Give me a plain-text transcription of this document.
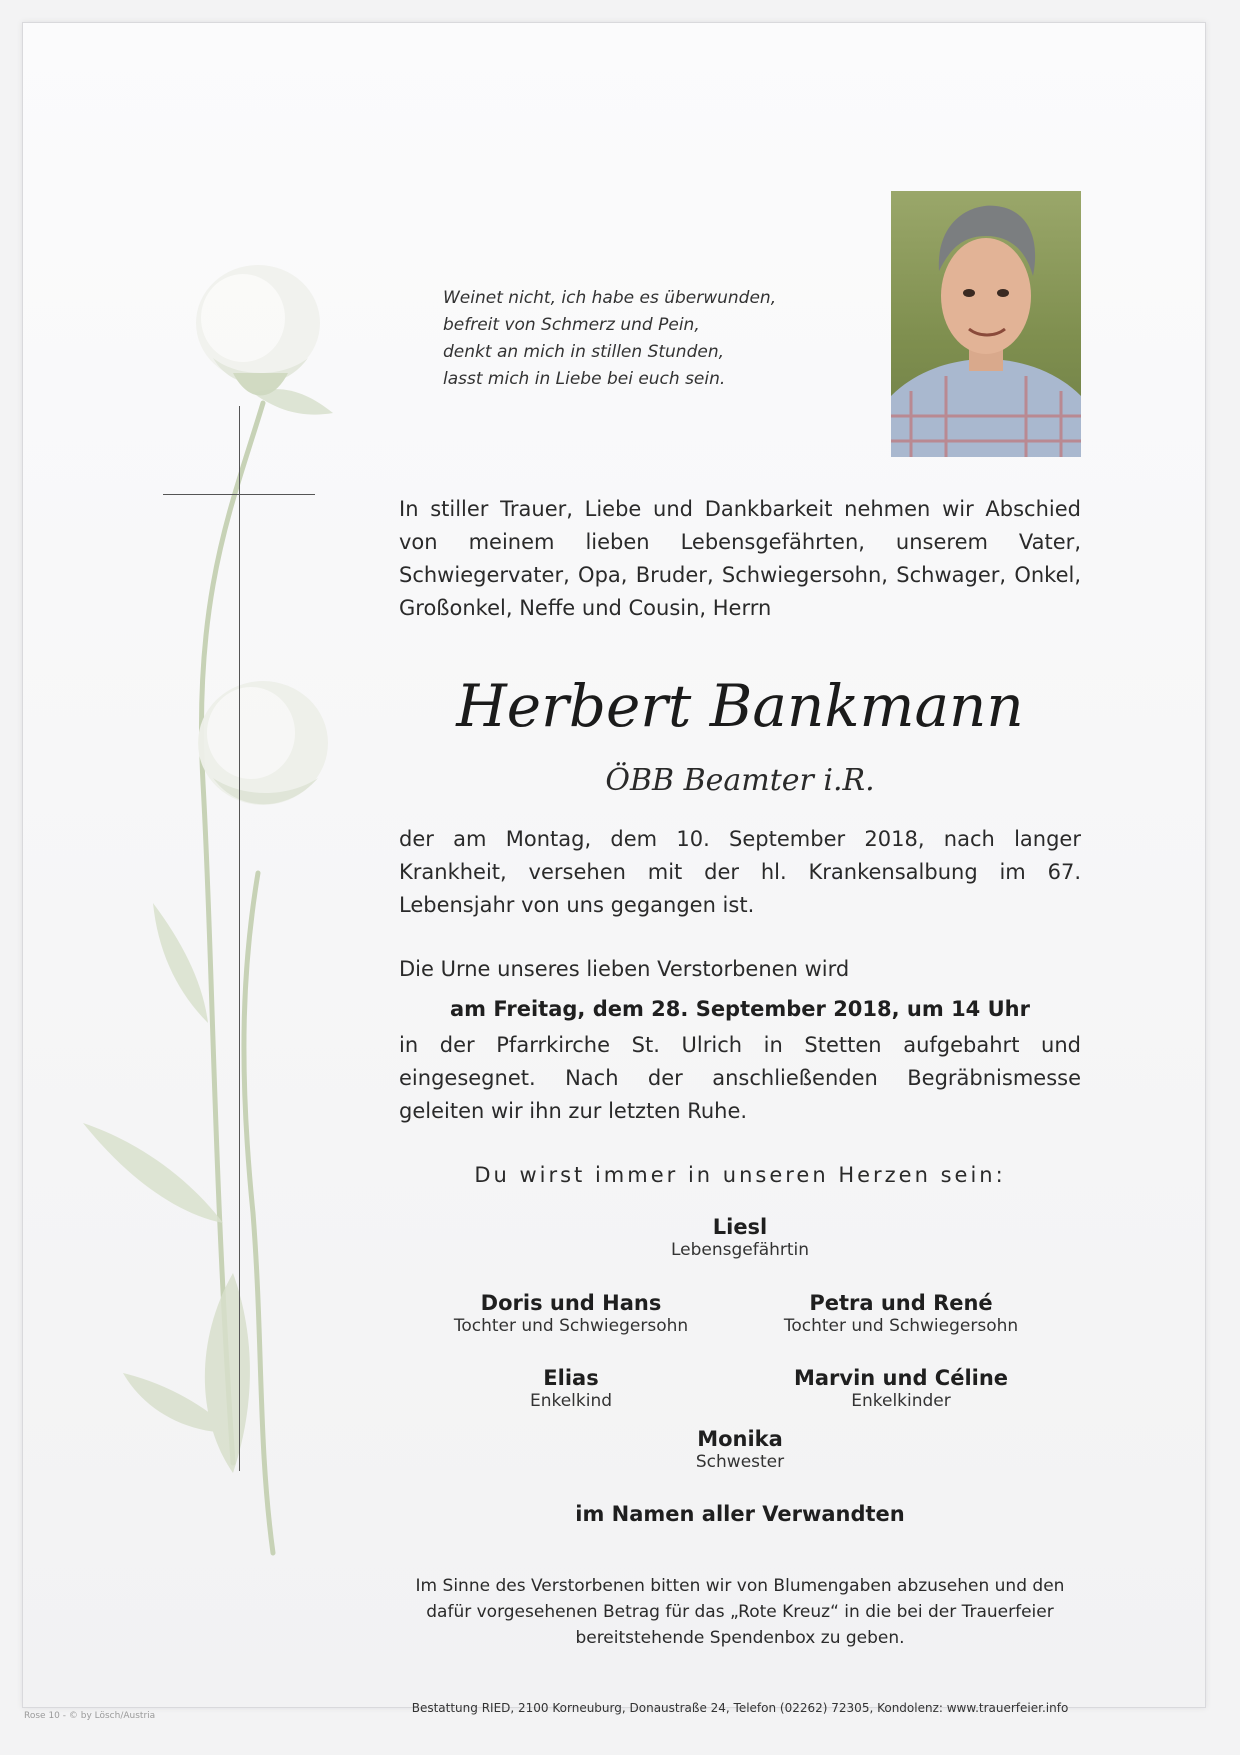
Weinet nicht, ich habe es überwunden,
befreit von Schmerz und Pein,
denkt an mich in stillen Stunden,
lasst mich in Liebe bei euch sein.
In stiller Trauer, Liebe und Dankbarkeit nehmen wir Abschied von meinem lieben Lebensgefährten, unserem Vater, Schwiegervater, Opa, Bruder, Schwiegersohn, Schwager, Onkel, Großonkel, Neffe und Cousin, Herrn
Herbert Bankmann
ÖBB Beamter i.R.
der am Montag, dem 10. September 2018, nach langer Krankheit, versehen mit der hl. Krankensalbung im 67. Lebensjahr von uns gegangen ist.
Die Urne unseres lieben Verstorbenen wird
am Freitag, dem 28. September 2018, um 14 Uhr
in der Pfarrkirche St. Ulrich in Stetten aufgebahrt und eingesegnet. Nach der anschließenden Begräbnismesse geleiten wir ihn zur letzten Ruhe.
Du wirst immer in unseren Herzen sein:
Liesl
Lebensgefährtin
Doris und Hans
Tochter und Schwiegersohn
Petra und René
Tochter und Schwiegersohn
Elias
Enkelkind
Marvin und Céline
Enkelkinder
Monika
Schwester
im Namen aller Verwandten
Im Sinne des Verstorbenen bitten wir von Blumengaben abzusehen und den dafür vorgesehenen Betrag für das „Rote Kreuz“ in die bei der Trauerfeier bereitstehende Spendenbox zu geben.
Bestattung RIED, 2100 Korneuburg, Donaustraße 24, Telefon (02262) 72305, Kondolenz: www.trauerfeier.info
Rose 10 - © by Lösch/Austria
